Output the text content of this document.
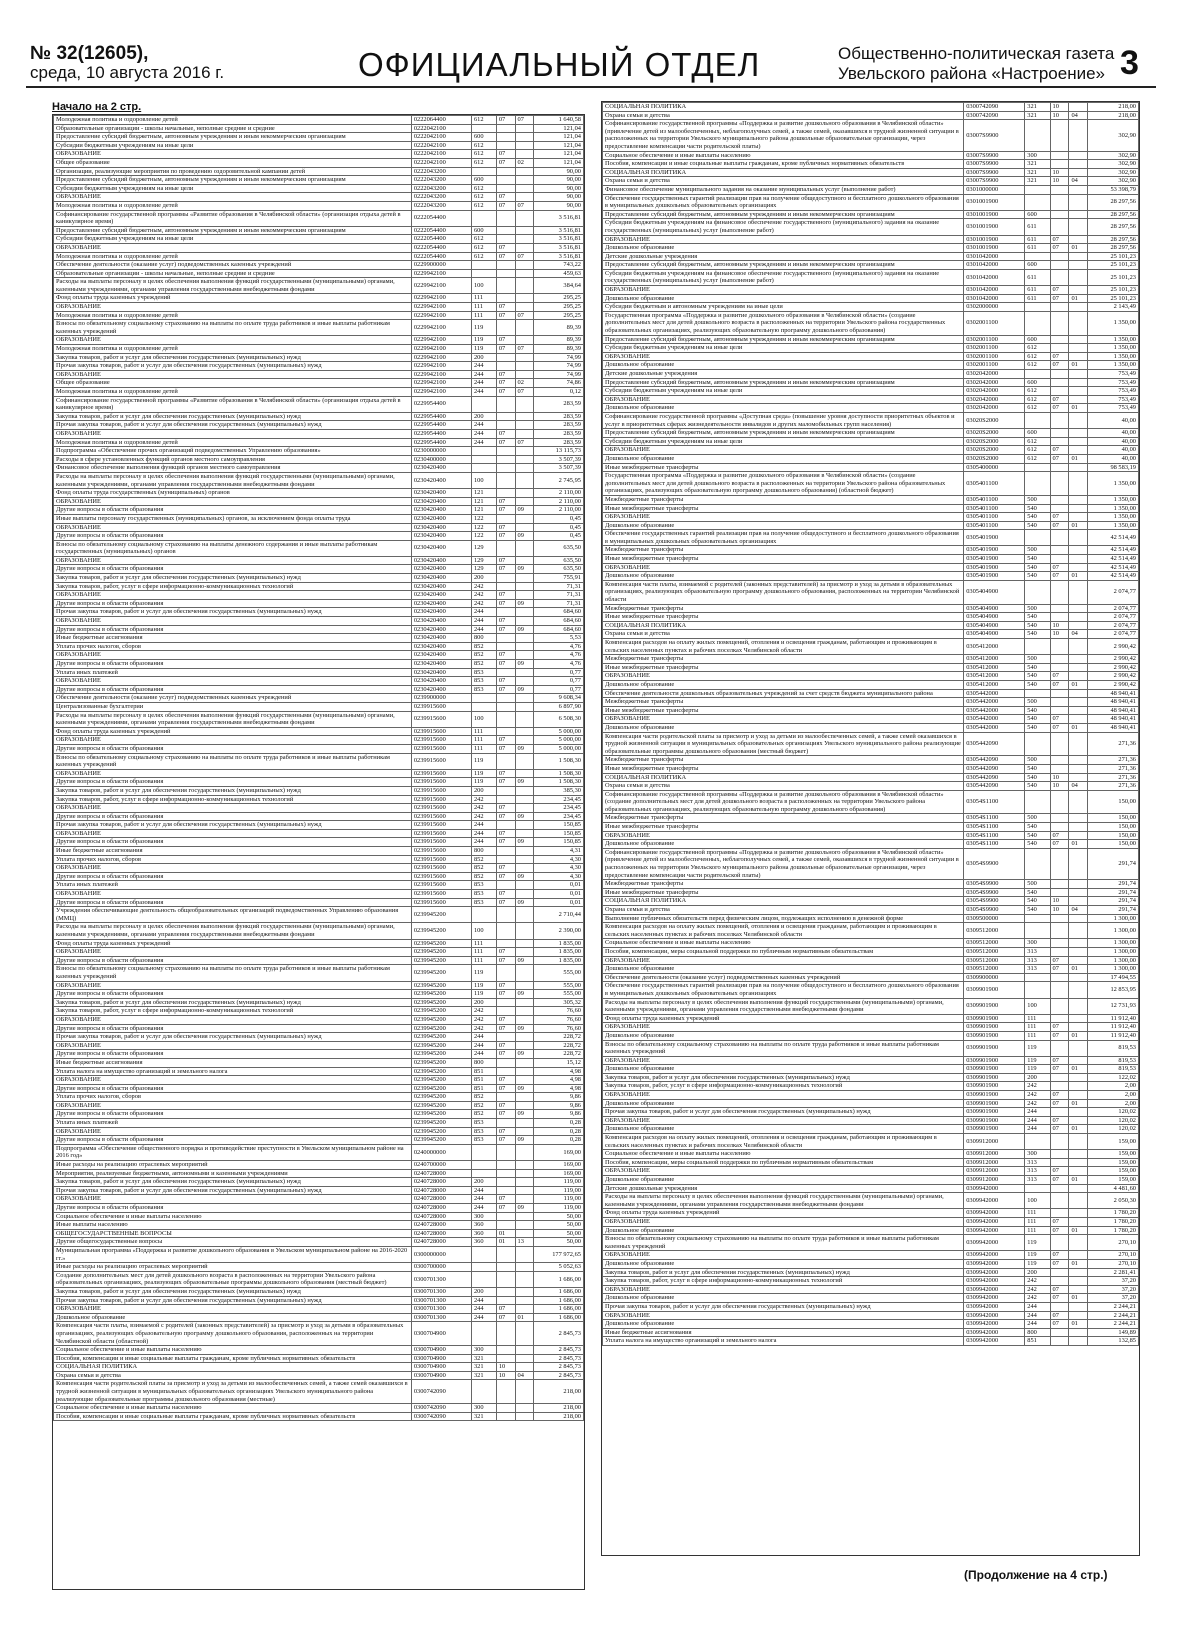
№ 32(12605),
среда, 10 августа 2016 г.	ОФИЦИАЛЬНЫЙ ОТДЕЛ	Общественно-политическая газета
Увельского района «Настроение» 3
Начало на 2 стр.
Молодежная политика и оздоровление детей	0222064400	612	07	07	1 640,58
Образовательные организации - школы начальные, неполные средние и средние	0222042100				121,04
Предоставление субсидий бюджетным, автономным учреждениям и иным некоммерческим организациям	0222042100	600			121,04
Субсидии бюджетным учреждениям на иные цели	0222042100	612			121,04
ОБРАЗОВАНИЕ	0222042100	612	07		121,04
Общее образование	0222042100	612	07	02	121,04
Организации, реализующие мероприятия по проведению оздоровительной кампании детей	0222043200				90,00
Предоставление субсидий бюджетным, автономным учреждениям и иным некоммерческим организациям	0222043200	600			90,00
Субсидии бюджетным учреждениям на иные цели	0222043200	612			90,00
ОБРАЗОВАНИЕ	0222043200	612	07		90,00
Молодежная политика и оздоровление детей	0222043200	612	07	07	90,00
Софинансирование государственной программы «Развитие образования в Челябинской области» (организация отдыха детей в каникулярное время)	0222054400				3 516,81
Предоставление субсидий бюджетным, автономным учреждениям и иным некоммерческим организациям	0222054400	600			3 516,81
Субсидии бюджетным учреждениям на иные цели	0222054400	612			3 516,81
ОБРАЗОВАНИЕ	0222054400	612	07		3 516,81
Молодежная политика и оздоровление детей	0222054400	612	07	07	3 516,81
Обеспечение деятельности (оказание услуг) подведомственных казенных учреждений	0229900000				743,22
Образовательные организации - школы начальные, неполные средние и средние	0229942100				459,63
Расходы на выплаты персоналу в целях обеспечения выполнения функций государственными (муниципальными) органами, казенными учреждениями, органами управления государственными внебюджетными фондами	0229942100	100			384,64
Фонд оплаты труда казенных учреждений	0229942100	111			295,25
ОБРАЗОВАНИЕ	0229942100	111	07		295,25
Молодежная политика и оздоровление детей	0229942100	111	07	07	295,25
Взносы по обязательному социальному страхованию на выплаты по оплате труда работников и иные выплаты работникам казенных учреждений	0229942100	119			89,39
ОБРАЗОВАНИЕ	0229942100	119	07		89,39
Молодежная политика и оздоровление детей	0229942100	119	07	07	89,39
Закупка товаров, работ и услуг для обеспечения государственных (муниципальных) нужд	0229942100	200			74,99
Прочая закупка товаров, работ и услуг для обеспечения государственных (муниципальных) нужд	0229942100	244			74,99
ОБРАЗОВАНИЕ	0229942100	244	07		74,99
Общее образование	0229942100	244	07	02	74,86
Молодежная политика и оздоровление детей	0229942100	244	07	07	0,12
Софинансирование государственной программы «Развитие образования в Челябинской области» (организация отдыха детей в каникулярное время)	0229954400				283,59
Закупка товаров, работ и услуг для обеспечения государственных (муниципальных) нужд	0229954400	200			283,59
Прочая закупка товаров, работ и услуг для обеспечения государственных (муниципальных) нужд	0229954400	244			283,59
ОБРАЗОВАНИЕ	0229954400	244	07		283,59
Молодежная политика и оздоровление детей	0229954400	244	07	07	283,59
Подпрограмма «Обеспечение прочих организаций подведомственных Управлению образования»	0230000000				13 115,73
Расходы в сфере установленных функций органов местного самоуправления	0230400000				3 507,39
Финансовое обеспечение выполнения функций органов местного самоуправления	0230420400				3 507,39
Расходы на выплаты персоналу в целях обеспечения выполнения функций государственными (муниципальными) органами, казенными учреждениями, органами управления государственными внебюджетными фондами	0230420400	100			2 745,95
Фонд оплаты труда государственных (муниципальных) органов	0230420400	121			2 110,00
ОБРАЗОВАНИЕ	0230420400	121	07		2 110,00
Другие вопросы в области образования	0230420400	121	07	09	2 110,00
Иные выплаты персоналу государственных (муниципальных) органов, за исключением фонда оплаты труда	0230420400	122			0,45
ОБРАЗОВАНИЕ	0230420400	122	07		0,45
Другие вопросы в области образования	0230420400	122	07	09	0,45
Взносы по обязательному социальному страхованию на выплаты денежного содержания и иные выплаты работникам государственных (муниципальных) органов	0230420400	129			635,50
ОБРАЗОВАНИЕ	0230420400	129	07		635,50
Другие вопросы в области образования	0230420400	129	07	09	635,50
Закупка товаров, работ и услуг для обеспечения государственных (муниципальных) нужд	0230420400	200			755,91
Закупка товаров, работ, услуг в сфере информационно-коммуникационных технологий	0230420400	242			71,31
ОБРАЗОВАНИЕ	0230420400	242	07		71,31
Другие вопросы в области образования	0230420400	242	07	09	71,31
Прочая закупка товаров, работ и услуг для обеспечения государственных (муниципальных) нужд	0230420400	244			684,60
ОБРАЗОВАНИЕ	0230420400	244	07		684,60
Другие вопросы в области образования	0230420400	244	07	09	684,60
Иные бюджетные ассигнования	0230420400	800			5,53
Уплата прочих налогов, сборов	0230420400	852			4,76
ОБРАЗОВАНИЕ	0230420400	852	07		4,76
Другие вопросы в области образования	0230420400	852	07	09	4,76
Уплата иных платежей	0230420400	853			0,77
ОБРАЗОВАНИЕ	0230420400	853	07		0,77
Другие вопросы в области образования	0230420400	853	07	09	0,77
Обеспечение деятельности (оказание услуг) подведомственных казенных учреждений	0239900000				9 608,34
Централизованные бухгалтерии	0239915600				6 897,90
Расходы на выплаты персоналу в целях обеспечения выполнения функций государственными (муниципальными) органами, казенными учреждениями, органами управления государственными внебюджетными фондами	0239915600	100			6 508,30
Фонд оплаты труда казенных учреждений	0239915600	111			5 000,00
ОБРАЗОВАНИЕ	0239915600	111	07		5 000,00
Другие вопросы в области образования	0239915600	111	07	09	5 000,00
Взносы по обязательному социальному страхованию на выплаты по оплате труда работников и иные выплаты работникам казенных учреждений	0239915600	119			1 508,30
ОБРАЗОВАНИЕ	0239915600	119	07		1 508,30
Другие вопросы в области образования	0239915600	119	07	09	1 508,30
Закупка товаров, работ и услуг для обеспечения государственных (муниципальных) нужд	0239915600	200			385,30
Закупка товаров, работ, услуг в сфере информационно-коммуникационных технологий	0239915600	242			234,45
ОБРАЗОВАНИЕ	0239915600	242	07		234,45
Другие вопросы в области образования	0239915600	242	07	09	234,45
Прочая закупка товаров, работ и услуг для обеспечения государственных (муниципальных) нужд	0239915600	244			150,85
ОБРАЗОВАНИЕ	0239915600	244	07		150,85
Другие вопросы в области образования	0239915600	244	07	09	150,85
Иные бюджетные ассигнования	0239915600	800			4,31
Уплата прочих налогов, сборов	0239915600	852			4,30
ОБРАЗОВАНИЕ	0239915600	852	07		4,30
Другие вопросы в области образования	0239915600	852	07	09	4,30
Уплата иных платежей	0239915600	853			0,01
ОБРАЗОВАНИЕ	0239915600	853	07		0,01
Другие вопросы в области образования	0239915600	853	07	09	0,01
Учреждения обеспечивающие деятельность общеобразовательных организаций подведомственных Управлению образования (ММЦ)	0239945200				2 710,44
Расходы на выплаты персоналу в целях обеспечения выполнения функций государственными (муниципальными) органами, казенными учреждениями, органами управления государственными внебюджетными фондами	0239945200	100			2 390,00
Фонд оплаты труда казенных учреждений	0239945200	111			1 835,00
ОБРАЗОВАНИЕ	0239945200	111	07		1 835,00
Другие вопросы в области образования	0239945200	111	07	09	1 835,00
Взносы по обязательному социальному страхованию на выплаты по оплате труда работников и иные выплаты работникам казенных учреждений	0239945200	119			555,00
ОБРАЗОВАНИЕ	0239945200	119	07		555,00
Другие вопросы в области образования	0239945200	119	07	09	555,00
Закупка товаров, работ и услуг для обеспечения государственных (муниципальных) нужд	0239945200	200			305,32
Закупка товаров, работ, услуг в сфере информационно-коммуникационных технологий	0239945200	242			76,60
ОБРАЗОВАНИЕ	0239945200	242	07		76,60
Другие вопросы в области образования	0239945200	242	07	09	76,60
Прочая закупка товаров, работ и услуг для обеспечения государственных (муниципальных) нужд	0239945200	244			228,72
ОБРАЗОВАНИЕ	0239945200	244	07		228,72
Другие вопросы в области образования	0239945200	244	07	09	228,72
Иные бюджетные ассигнования	0239945200	800			15,12
Уплата налога на имущество организаций и земельного налога	0239945200	851			4,98
ОБРАЗОВАНИЕ	0239945200	851	07		4,98
Другие вопросы в области образования	0239945200	851	07	09	4,98
Уплата прочих налогов, сборов	0239945200	852			9,86
ОБРАЗОВАНИЕ	0239945200	852	07		9,86
Другие вопросы в области образования	0239945200	852	07	09	9,86
Уплата иных платежей	0239945200	853			0,28
ОБРАЗОВАНИЕ	0239945200	853	07		0,28
Другие вопросы в области образования	0239945200	853	07	09	0,28
Подпрограмма «Обеспечение общественного порядка и противодействие преступности в Увельском муниципальном районе на 2016 год»	0240000000				169,00
Иные расходы на реализацию отраслевых мероприятий	0240700000				169,00
Мероприятия, реализуемые бюджетными, автономными и казенными учреждениями	0240728000				169,00
Закупка товаров, работ и услуг для обеспечения государственных (муниципальных) нужд	0240728000	200			119,00
Прочая закупка товаров, работ и услуг для обеспечения государственных (муниципальных) нужд	0240728000	244			119,00
ОБРАЗОВАНИЕ	0240728000	244	07		119,00
Другие вопросы в области образования	0240728000	244	07	09	119,00
Социальное обеспечение и иные выплаты населению	0240728000	300			50,00
Иные выплаты населению	0240728000	360			50,00
ОБЩЕГОСУДАРСТВЕННЫЕ ВОПРОСЫ	0240728000	360	01		50,00
Другие общегосударственные вопросы	0240728000	360	01	13	50,00
Муниципальная программа «Поддержка и развитие дошкольного образования в Увельском муниципальном районе на 2016-2020 гг.»	0300000000				177 972,65
Иные расходы на реализацию отраслевых мероприятий	0300700000				5 052,63
Создание дополнительных мест для детей дошкольного возраста в расположенных на территории Увельского района образовательных организациях, реализующих образовательные программы дошкольного образования (местный бюджет)	0300701300				1 686,00
Закупка товаров, работ и услуг для обеспечения государственных (муниципальных) нужд	0300701300	200			1 686,00
Прочая закупка товаров, работ и услуг для обеспечения государственных (муниципальных) нужд	0300701300	244			1 686,00
ОБРАЗОВАНИЕ	0300701300	244	07		1 686,00
Дошкольное образование	0300701300	244	07	01	1 686,00
Компенсация части платы, взимаемой с родителей (законных представителей) за присмотр и уход за детьми в образовательных организациях, реализующих образовательную программу дошкольного образования, расположенных на территории Челябинской области (областной)	0300704900				2 845,73
Социальное обеспечение и иные выплаты населению	0300704900	300			2 845,73
Пособия, компенсации и иные социальные выплаты гражданам, кроме публичных нормативных обязательств	0300704900	321			2 845,73
СОЦИАЛЬНАЯ ПОЛИТИКА	0300704900	321	10		2 845,73
Охрана семьи и детства	0300704900	321	10	04	2 845,73
Компенсация части родительской платы за присмотр и уход за детьми из малообеспеченных семей, а также семей оказавшихся в трудной жизненной ситуации в муниципальных образовательных организациях Увельского муниципального района реализующие образовательные программы дошкольного образования (местные)	0300742090				218,00
Социальное обеспечение и иные выплаты населению	0300742090	300			218,00
Пособия, компенсации и иные социальные выплаты гражданам, кроме публичных нормативных обязательств	0300742090	321			218,00
СОЦИАЛЬНАЯ ПОЛИТИКА	0300742090	321	10		218,00
Охрана семьи и детства	0300742090	321	10	04	218,00
Софинансирование государственной программы «Поддержка и развитие дошкольного образования в Челябинской области» (привлечение детей из малообеспеченных, неблагополучных семей, а также семей, оказавшихся в трудной жизненной ситуации в расположенных на территории Увельского муниципального района дошкольные образовательные организации, через предоставление компенсации части родительской платы)	03007S9900				302,90
Социальное обеспечение и иные выплаты населению	03007S9900	300			302,90
Пособия, компенсации и иные социальные выплаты гражданам, кроме публичных нормативных обязательств	03007S9900	321			302,90
СОЦИАЛЬНАЯ ПОЛИТИКА	03007S9900	321	10		302,90
Охрана семьи и детства	03007S9900	321	10	04	302,90
Финансовое обеспечение муниципального задания на оказание муниципальных услуг (выполнение работ)	0301000000				53 398,79
Обеспечение государственных гарантий реализации прав на получение общедоступного и бесплатного дошкольного образования в муниципальных дошкольных образовательных организациях	0301001900				28 297,56
Предоставление субсидий бюджетным, автономным учреждениям и иным некоммерческим организациям	0301001900	600			28 297,56
Субсидии бюджетным учреждениям на финансовое обеспечение государственного (муниципального) задания на оказание государственных (муниципальных) услуг (выполнение работ)	0301001900	611			28 297,56
ОБРАЗОВАНИЕ	0301001900	611	07		28 297,56
Дошкольное образование	0301001900	611	07	01	28 297,56
Детские дошкольные учреждения	0301042000				25 101,23
Предоставление субсидий бюджетным, автономным учреждениям и иным некоммерческим организациям	0301042000	600			25 101,23
Субсидии бюджетным учреждениям на финансовое обеспечение государственного (муниципального) задания на оказание государственных (муниципальных) услуг (выполнение работ)	0301042000	611			25 101,23
ОБРАЗОВАНИЕ	0301042000	611	07		25 101,23
Дошкольное образование	0301042000	611	07	01	25 101,23
Субсидии бюджетным и автономным учреждениям на иные цели	0302000000				2 143,49
Государственная программа «Поддержка и развитие дошкольного образования в Челябинской области» (создание дополнительных мест для детей дошкольного возраста в расположенных на территории Увельского района государственных образовательных организациях, реализующих образовательную программу дошкольного образования)	0302001100				1 350,00
Предоставление субсидий бюджетным, автономным учреждениям и иным некоммерческим организациям	0302001100	600			1 350,00
Субсидии бюджетным учреждениям на иные цели	0302001100	612			1 350,00
ОБРАЗОВАНИЕ	0302001100	612	07		1 350,00
Дошкольное образование	0302001100	612	07	01	1 350,00
Детские дошкольные учреждения	0302042000				753,49
Предоставление субсидий бюджетным, автономным учреждениям и иным некоммерческим организациям	0302042000	600			753,49
Субсидии бюджетным учреждениям на иные цели	0302042000	612			753,49
ОБРАЗОВАНИЕ	0302042000	612	07		753,49
Дошкольное образование	0302042000	612	07	01	753,49
Софинансирование государственной программы «Доступная среда» (повышение уровня доступности приоритетных объектов и услуг в приоритетных сферах жизнедеятельности инвалидов и других маломобильных групп населения)	03020S2000				40,00
Предоставление субсидий бюджетным, автономным учреждениям и иным некоммерческим организациям	03020S2000	600			40,00
Субсидии бюджетным учреждениям на иные цели	03020S2000	612			40,00
ОБРАЗОВАНИЕ	03020S2000	612	07		40,00
Дошкольное образование	03020S2000	612	07	01	40,00
Иные межбюджетные трансферты	0305400000				98 583,19
Государственная программа «Поддержка и развитие дошкольного образования в Челябинской области» (создание дополнительных мест для детей дошкольного возраста в расположенных на территории Увельского района образовательных организациях, реализующих образовательную программу дошкольного образования) (областной бюджет)	0305401100				1 350,00
Межбюджетные трансферты	0305401100	500			1 350,00
Иные межбюджетные трансферты	0305401100	540			1 350,00
ОБРАЗОВАНИЕ	0305401100	540	07		1 350,00
Дошкольное образование	0305401100	540	07	01	1 350,00
Обеспечение государственных гарантий реализации прав на получение общедоступного и бесплатного дошкольного образования в муниципальных дошкольных образовательных организациях	0305401900				42 514,49
Межбюджетные трансферты	0305401900	500			42 514,49
Иные межбюджетные трансферты	0305401900	540			42 514,49
ОБРАЗОВАНИЕ	0305401900	540	07		42 514,49
Дошкольное образование	0305401900	540	07	01	42 514,49
Компенсация части платы, взимаемой с родителей (законных представителей) за присмотр и уход за детьми в образовательных организациях, реализующих образовательную программу дошкольного образования, расположенных на территории Челябинской области	0305404900				2 074,77
Межбюджетные трансферты	0305404900	500			2 074,77
Иные межбюджетные трансферты	0305404900	540			2 074,77
СОЦИАЛЬНАЯ ПОЛИТИКА	0305404900	540	10		2 074,77
Охрана семьи и детства	0305404900	540	10	04	2 074,77
Компенсация расходов на оплату жилых помещений, отопления и освещения гражданам, работающим и проживающим в сельских населенных пунктах и рабочих поселках Челябинской области	0305412000				2 990,42
Межбюджетные трансферты	0305412000	500			2 990,42
Иные межбюджетные трансферты	0305412000	540			2 990,42
ОБРАЗОВАНИЕ	0305412000	540	07		2 990,42
Дошкольное образование	0305412000	540	07	01	2 990,42
Обеспечение деятельности дошкольных образовательных учреждений за счет средств бюджета муниципального района	0305442000				48 940,41
Межбюджетные трансферты	0305442000	500			48 940,41
Иные межбюджетные трансферты	0305442000	540			48 940,41
ОБРАЗОВАНИЕ	0305442000	540	07		48 940,41
Дошкольное образование	0305442000	540	07	01	48 940,41
Компенсация части родительской платы за присмотр и уход за детьми из малообеспеченных семей, а также семей оказавшихся в трудной жизненной ситуации в муниципальных образовательных организациях Увельского муниципального района реализующие образовательные программы дошкольного образования (местный бюджет)	0305442090				271,36
Межбюджетные трансферты	0305442090	500			271,36
Иные межбюджетные трансферты	0305442090	540			271,36
СОЦИАЛЬНАЯ ПОЛИТИКА	0305442090	540	10		271,36
Охрана семьи и детства	0305442090	540	10	04	271,36
Софинансирование государственной программы «Поддержка и развитие дошкольного образования в Челябинской области» (создание дополнительных мест для детей дошкольного возраста в расположенных на территории Увельского района образовательных организациях, реализующих образовательную программу дошкольного образования)	03054S1100				150,00
Межбюджетные трансферты	03054S1100	500			150,00
Иные межбюджетные трансферты	03054S1100	540			150,00
ОБРАЗОВАНИЕ	03054S1100	540	07		150,00
Дошкольное образование	03054S1100	540	07	01	150,00
Софинансирование государственной программы «Поддержка и развитие дошкольного образования в Челябинской области» (привлечение детей из малообеспеченных, неблагополучных семей, а также семей, оказавшихся в трудной жизненной ситуации в расположенных на территории Увельского муниципального района дошкольные образовательные организации, через предоставление компенсации части родительской платы)	03054S9900				291,74
Межбюджетные трансферты	03054S9900	500			291,74
Иные межбюджетные трансферты	03054S9900	540			291,74
СОЦИАЛЬНАЯ ПОЛИТИКА	03054S9900	540	10		291,74
Охрана семьи и детства	03054S9900	540	10	04	291,74
Выполнение публичных обязательств перед физическим лицом, подлежащих исполнению в денежной форме	0309500000				1 300,00
Компенсация расходов на оплату жилых помещений, отопления и освещения гражданам, работающим и проживающим в сельских населенных пунктах и рабочих поселках Челябинской области	0309512000				1 300,00
Социальное обеспечение и иные выплаты населению	0309512000	300			1 300,00
Пособия, компенсации, меры социальной поддержки по публичным нормативным обязательствам	0309512000	313			1 300,00
ОБРАЗОВАНИЕ	0309512000	313	07		1 300,00
Дошкольное образование	0309512000	313	07	01	1 300,00
Обеспечение деятельности (оказание услуг) подведомственных казенных учреждений	0309900000				17 494,55
Обеспечение государственных гарантий реализации прав на получение общедоступного и бесплатного дошкольного образования в муниципальных дошкольных образовательных организациях	0309901900				12 853,95
Расходы на выплаты персоналу в целях обеспечения выполнения функций государственными (муниципальными) органами, казенными учреждениями, органами управления государственными внебюджетными фондами	0309901900	100			12 731,93
Фонд оплаты труда казенных учреждений	0309901900	111			11 912,40
ОБРАЗОВАНИЕ	0309901900	111	07		11 912,40
Дошкольное образование	0309901900	111	07	01	11 912,40
Взносы по обязательному социальному страхованию на выплаты по оплате труда работников и иные выплаты работникам казенных учреждений	0309901900	119			819,53
ОБРАЗОВАНИЕ	0309901900	119	07		819,53
Дошкольное образование	0309901900	119	07	01	819,53
Закупка товаров, работ и услуг для обеспечения государственных (муниципальных) нужд	0309901900	200			122,02
Закупка товаров, работ, услуг в сфере информационно-коммуникационных технологий	0309901900	242			2,00
ОБРАЗОВАНИЕ	0309901900	242	07		2,00
Дошкольное образование	0309901900	242	07	01	2,00
Прочая закупка товаров, работ и услуг для обеспечения государственных (муниципальных) нужд	0309901900	244			120,02
ОБРАЗОВАНИЕ	0309901900	244	07		120,02
Дошкольное образование	0309901900	244	07	01	120,02
Компенсация расходов на оплату жилых помещений, отопления и освещения гражданам, работающим и проживающим в сельских населенных пунктах и рабочих поселках Челябинской области	0309912000				159,00
Социальное обеспечение и иные выплаты населению	0309912000	300			159,00
Пособия, компенсации, меры социальной поддержки по публичным нормативным обязательствам	0309912000	313			159,00
ОБРАЗОВАНИЕ	0309912000	313	07		159,00
Дошкольное образование	0309912000	313	07	01	159,00
Детские дошкольные учреждения	0309942000				4 481,60
Расходы на выплаты персоналу в целях обеспечения выполнения функций государственными (муниципальными) органами, казенными учреждениями, органами управления государственными внебюджетными фондами	0309942000	100			2 050,30
Фонд оплаты труда казенных учреждений	0309942000	111			1 780,20
ОБРАЗОВАНИЕ	0309942000	111	07		1 780,20
Дошкольное образование	0309942000	111	07	01	1 780,20
Взносы по обязательному социальному страхованию на выплаты по оплате труда работников и иные выплаты работникам казенных учреждений	0309942000	119			270,10
ОБРАЗОВАНИЕ	0309942000	119	07		270,10
Дошкольное образование	0309942000	119	07	01	270,10
Закупка товаров, работ и услуг для обеспечения государственных (муниципальных) нужд	0309942000	200			2 281,41
Закупка товаров, работ, услуг в сфере информационно-коммуникационных технологий	0309942000	242			37,20
ОБРАЗОВАНИЕ	0309942000	242	07		37,20
Дошкольное образование	0309942000	242	07	01	37,20
Прочая закупка товаров, работ и услуг для обеспечения государственных (муниципальных) нужд	0309942000	244			2 244,21
ОБРАЗОВАНИЕ	0309942000	244	07		2 244,21
Дошкольное образование	0309942000	244	07	01	2 244,21
Иные бюджетные ассигнования	0309942000	800			149,89
Уплата налога на имущество организаций и земельного налога	0309942000	851			132,85
(Продолжение на 4 стр.)
